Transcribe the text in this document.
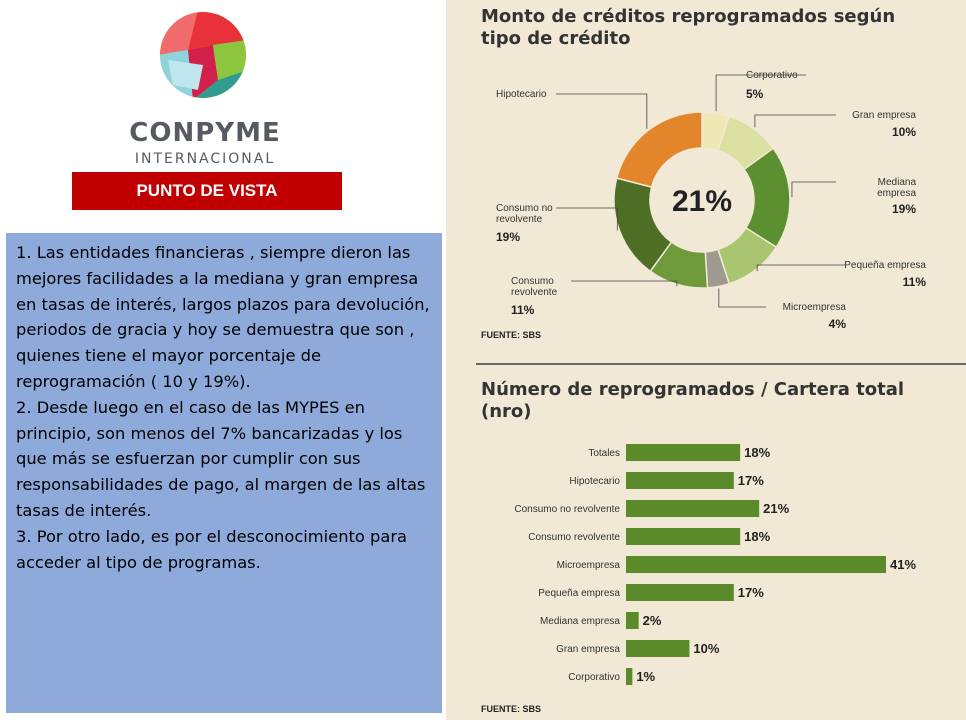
CONPYME
INTERNACIONAL
PUNTO DE VISTA

1. Las entidades financieras , siempre dieron las mejores facilidades a la mediana y gran empresa en tasas de interés, largos plazos para devolución, periodos de gracia y hoy se demuestra que son , quienes tiene el mayor porcentaje de reprogramación ( 10 y 19%).

2. Desde luego en el caso de las MYPES en principio, son menos del 7% bancarizadas y los que más se esfuerzan por cumplir con sus responsabilidades de pago, al margen de las altas tasas de interés.

3. Por otro lado, es por el desconocimiento para acceder al tipo de programas.

Monto de créditos reprogramados según tipo de crédito
21%
Corporativo
5%
Gran empresa
10%
Mediana empresa
19%
Pequeña empresa
11%
Microempresa
4%
Consumo revolvente
11%
Consumo no revolvente
19%
Hipotecario
FUENTE: SBS
Número de reprogramados / Cartera total (nro)
Totales	18%
Hipotecario	17%
Consumo no revolvente	21%
Consumo revolvente	18%
Microempresa	41%
Pequeña empresa	17%
Mediana empresa 2%
Gran empresa	10%
Corporativo 1%
FUENTE: SBS
